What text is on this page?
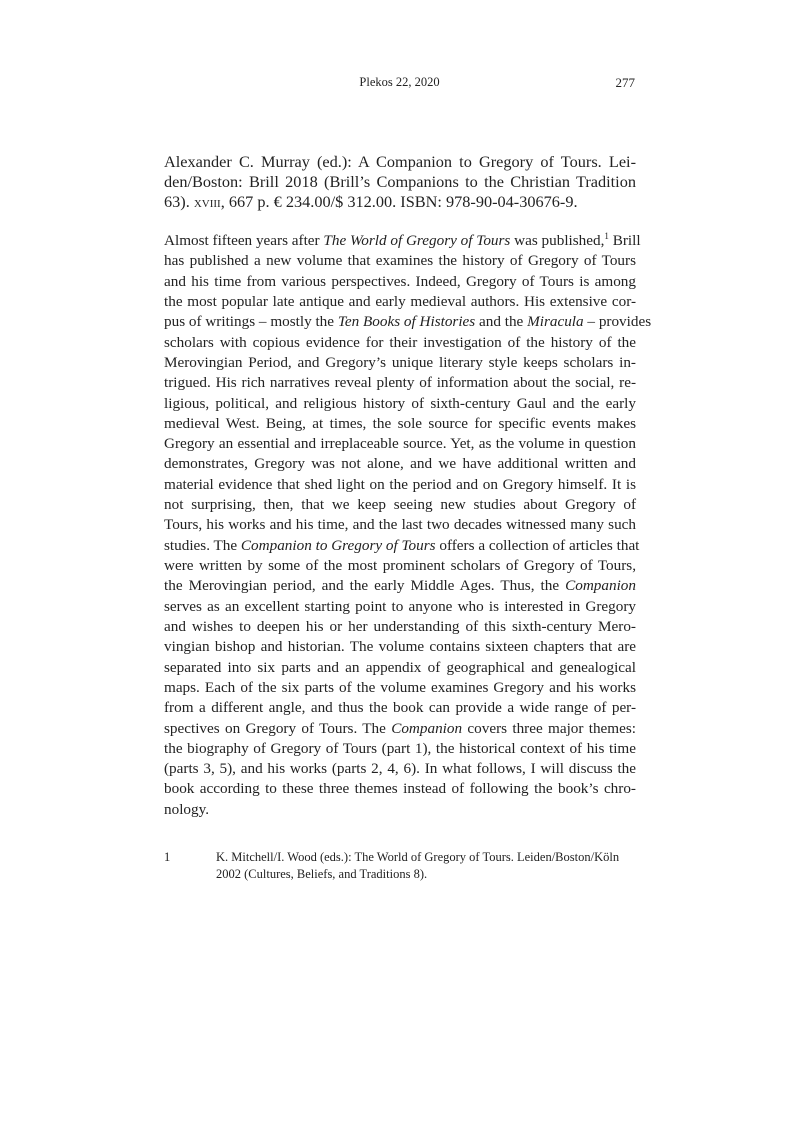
Plekos 22, 2020	277
Alexander C. Murray (ed.): A Companion to Gregory of Tours. Lei-
den/Boston: Brill 2018 (Brill’s Companions to the Christian Tradition
63). xviii, 667 p. € 234.00/$ 312.00. ISBN: 978-90-04-30676-9.
Almost fifteen years after The World of Gregory of Tours was published,$^1$ Brill
has published a new volume that examines the history of Gregory of Tours
and his time from various perspectives. Indeed, Gregory of Tours is among
the most popular late antique and early medieval authors. His extensive cor-
pus of writings – mostly the Ten Books of Histories and the Miracula – provides
scholars with copious evidence for their investigation of the history of the
Merovingian Period, and Gregory’s unique literary style keeps scholars in-
trigued. His rich narratives reveal plenty of information about the social, re-
ligious, political, and religious history of sixth-century Gaul and the early
medieval West. Being, at times, the sole source for specific events makes
Gregory an essential and irreplaceable source. Yet, as the volume in question
demonstrates, Gregory was not alone, and we have additional written and
material evidence that shed light on the period and on Gregory himself. It is
not surprising, then, that we keep seeing new studies about Gregory of
Tours, his works and his time, and the last two decades witnessed many such
studies. The Companion to Gregory of Tours offers a collection of articles that
were written by some of the most prominent scholars of Gregory of Tours,
the Merovingian period, and the early Middle Ages. Thus, the Companion
serves as an excellent starting point to anyone who is interested in Gregory
and wishes to deepen his or her understanding of this sixth-century Mero-
vingian bishop and historian. The volume contains sixteen chapters that are
separated into six parts and an appendix of geographical and genealogical
maps. Each of the six parts of the volume examines Gregory and his works
from a different angle, and thus the book can provide a wide range of per-
spectives on Gregory of Tours. The Companion covers three major themes:
the biography of Gregory of Tours (part 1), the historical context of his time
(parts 3, 5), and his works (parts 2, 4, 6). In what follows, I will discuss the
book according to these three themes instead of following the book’s chro-
nology.
1	K. Mitchell/I. Wood (eds.): The World of Gregory of Tours. Leiden/Boston/Köln
2002 (Cultures, Beliefs, and Traditions 8).
